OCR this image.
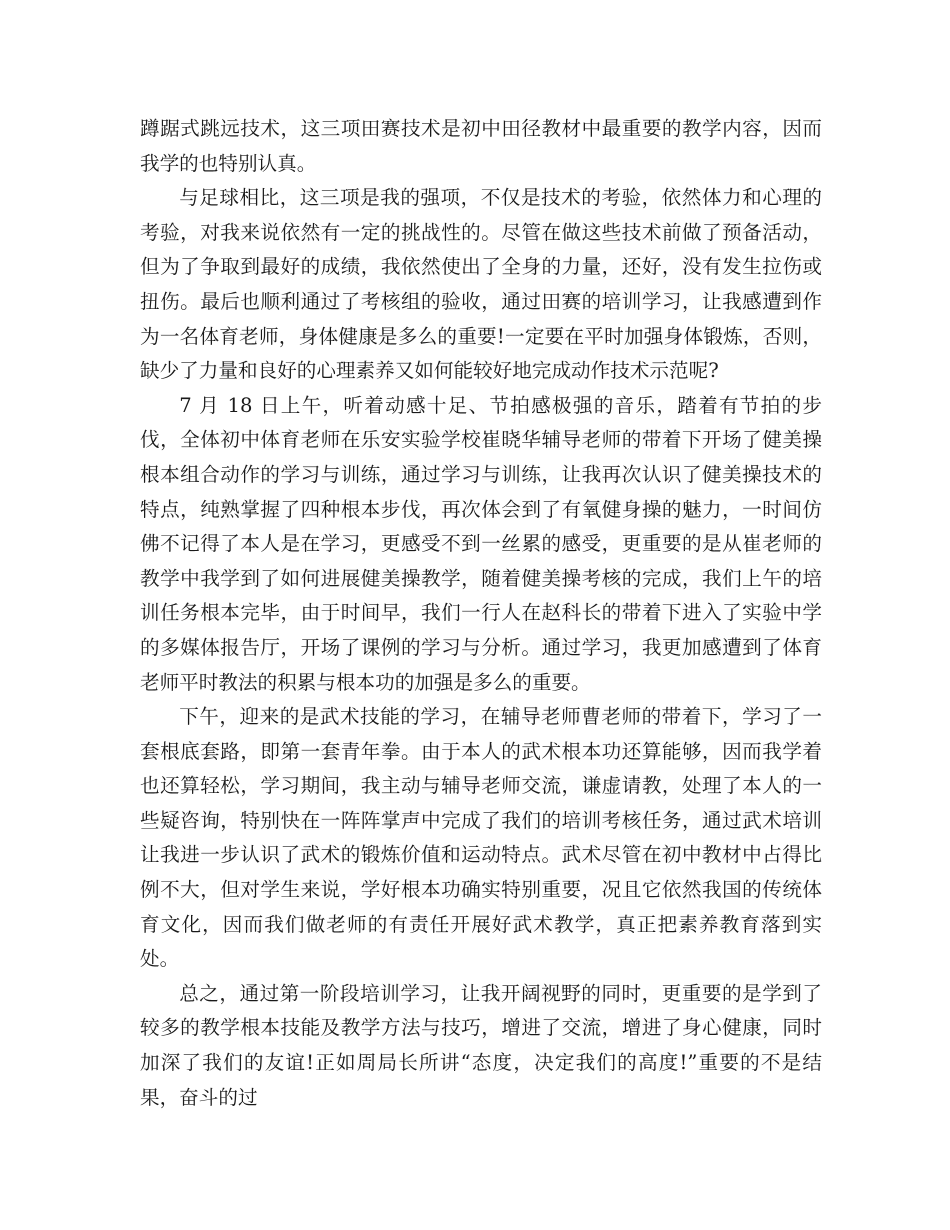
蹲踞式跳远技术，这三项田赛技术是初中田径教材中最重要的教学内容，因而我学的也特别认真。

与足球相比，这三项是我的强项，不仅是技术的考验，依然体力和心理的考验，对我来说依然有一定的挑战性的。尽管在做这些技术前做了预备活动，但为了争取到最好的成绩，我依然使出了全身的力量，还好，没有发生拉伤或扭伤。最后也顺利通过了考核组的验收，通过田赛的培训学习，让我感遭到作为一名体育老师，身体健康是多么的重要!一定要在平时加强身体锻炼，否则，缺少了力量和良好的心理素养又如何能较好地完成动作技术示范呢?

7 月 18 日上午，听着动感十足、节拍感极强的音乐，踏着有节拍的步伐，全体初中体育老师在乐安实验学校崔晓华辅导老师的带着下开场了健美操根本组合动作的学习与训练，通过学习与训练，让我再次认识了健美操技术的特点，纯熟掌握了四种根本步伐，再次体会到了有氧健身操的魅力，一时间仿佛不记得了本人是在学习，更感受不到一丝累的感受，更重要的是从崔老师的教学中我学到了如何进展健美操教学，随着健美操考核的完成，我们上午的培训任务根本完毕，由于时间早，我们一行人在赵科长的带着下进入了实验中学的多媒体报告厅，开场了课例的学习与分析。通过学习，我更加感遭到了体育老师平时教法的积累与根本功的加强是多么的重要。

下午，迎来的是武术技能的学习，在辅导老师曹老师的带着下，学习了一套根底套路，即第一套青年拳。由于本人的武术根本功还算能够，因而我学着也还算轻松，学习期间，我主动与辅导老师交流，谦虚请教，处理了本人的一些疑咨询，特别快在一阵阵掌声中完成了我们的培训考核任务，通过武术培训让我进一步认识了武术的锻炼价值和运动特点。武术尽管在初中教材中占得比例不大，但对学生来说，学好根本功确实特别重要，况且它依然我国的传统体育文化，因而我们做老师的有责任开展好武术教学，真正把素养教育落到实处。

总之，通过第一阶段培训学习，让我开阔视野的同时，更重要的是学到了较多的教学根本技能及教学方法与技巧，增进了交流，增进了身心健康，同时加深了我们的友谊!正如周局长所讲“态度，决定我们的高度!”重要的不是结果，奋斗的过
